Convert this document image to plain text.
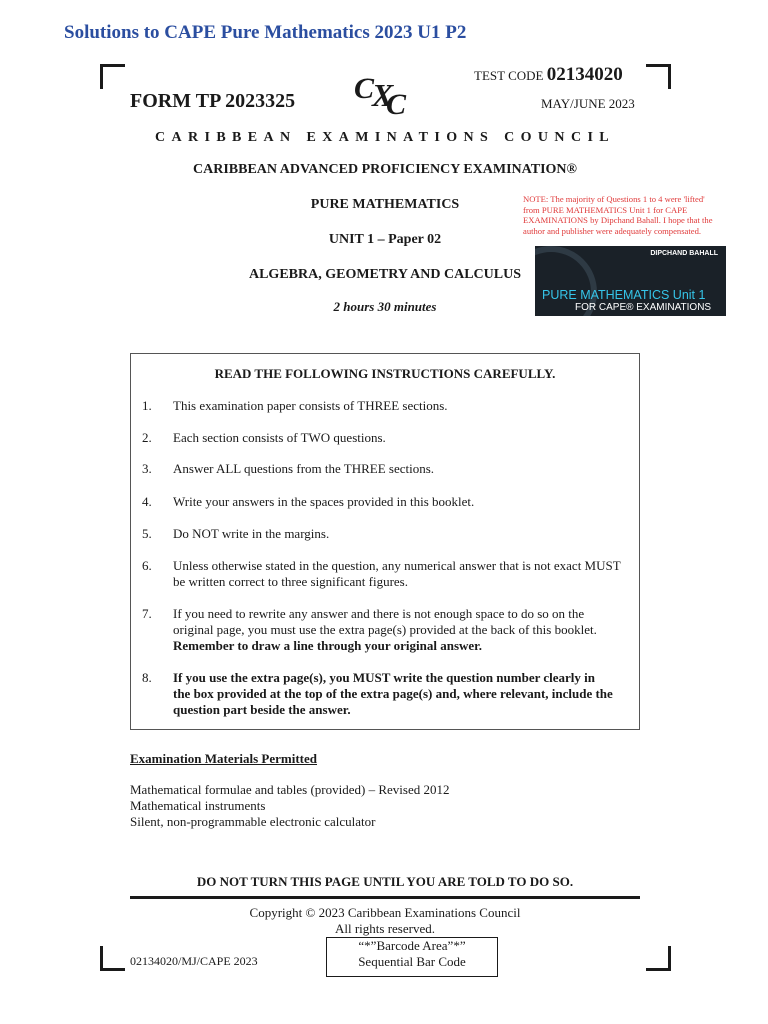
Solutions to CAPE Pure Mathematics 2023 U1 P2
FORM TP 2023325 C
X
C
TEST CODE 02134020
MAY/JUNE 2023
CARIBBEAN EXAMINATIONS COUNCIL
CARIBBEAN ADVANCED PROFICIENCY EXAMINATION®
PURE MATHEMATICS
UNIT 1 – Paper 02
ALGEBRA, GEOMETRY AND CALCULUS
2 hours 30 minutes
NOTE: The majority of Questions 1 to 4 were 'lifted'
from PURE MATHEMATICS Unit 1 for CAPE
EXAMINATIONS by Dipchand Bahall. I hope that the
author and publisher were adequately compensated.
DIPCHAND BAHALL
PURE MATHEMATICS Unit 1
FOR CAPE® EXAMINATIONS
READ THE FOLLOWING INSTRUCTIONS CAREFULLY.
1.	This examination paper consists of THREE sections.
2.	Each section consists of TWO questions.
3.	Answer ALL questions from the THREE sections.
4.	Write your answers in the spaces provided in this booklet.
5.	Do NOT write in the margins.
6.	Unless otherwise stated in the question, any numerical answer that is not exact MUST
be written correct to three significant figures.
7.	If you need to rewrite any answer and there is not enough space to do so on the
original page, you must use the extra page(s) provided at the back of this booklet.
Remember to draw a line through your original answer.
8.	If you use the extra page(s), you MUST write the question number clearly in
the box provided at the top of the extra page(s) and, where relevant, include the
question part beside the answer.
Examination Materials Permitted
Mathematical formulae and tables (provided) – Revised 2012
Mathematical instruments
Silent, non-programmable electronic calculator
DO NOT TURN THIS PAGE UNTIL YOU ARE TOLD TO DO SO.
Copyright © 2023 Caribbean Examinations Council
All rights reserved.
02134020/MJ/CAPE 2023
“*”Barcode Area”*”
Sequential Bar Code
